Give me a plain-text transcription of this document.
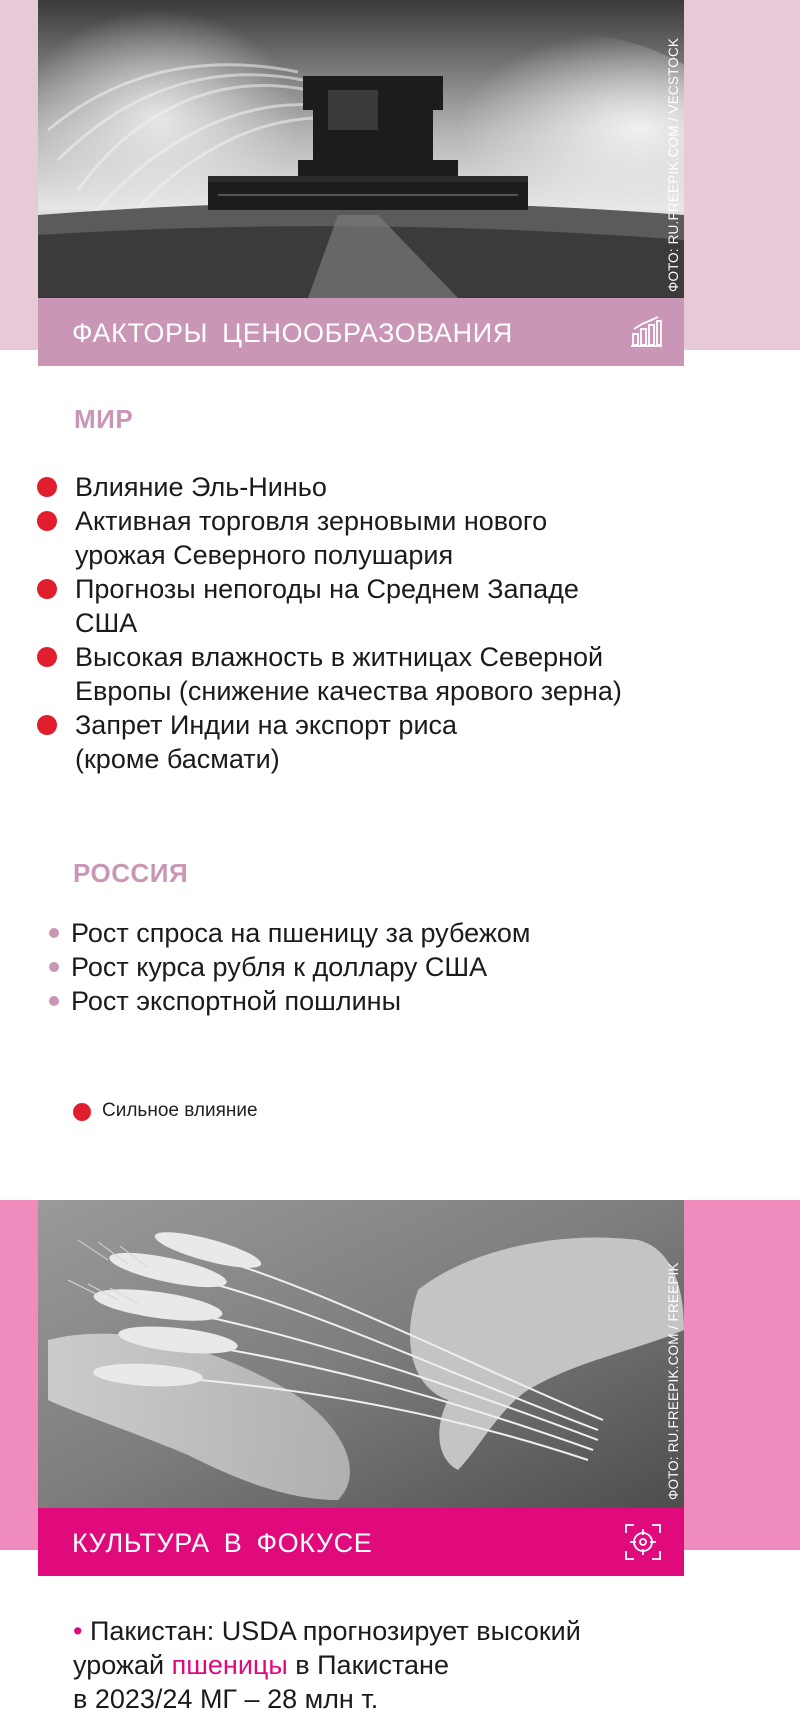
ФОТО: RU.FREEPIK.COM / VECSTOCK
ФАКТОРЫ ЦЕНООБРАЗОВАНИЯ
МИР
Влияние Эль-Ниньо
Активная торговля зерновыми нового
урожая Северного полушария
Прогнозы непогоды на Среднем Западе
США
Высокая влажность в житницах Северной
Европы (снижение качества ярового зерна)
Запрет Индии на экспорт риса
(кроме басмати)
РОССИЯ
Рост спроса на пшеницу за рубежом
Рост курса рубля к доллару США
Рост экспортной пошлины
Сильное влияние
ФОТО: RU.FREEPIK.COM / FREEPIK
КУЛЬТУРА В ФОКУСЕ
• Пакистан: USDA прогнозирует высокий
урожай пшеницы в Пакистане
в 2023/24 МГ – 28 млн т.
